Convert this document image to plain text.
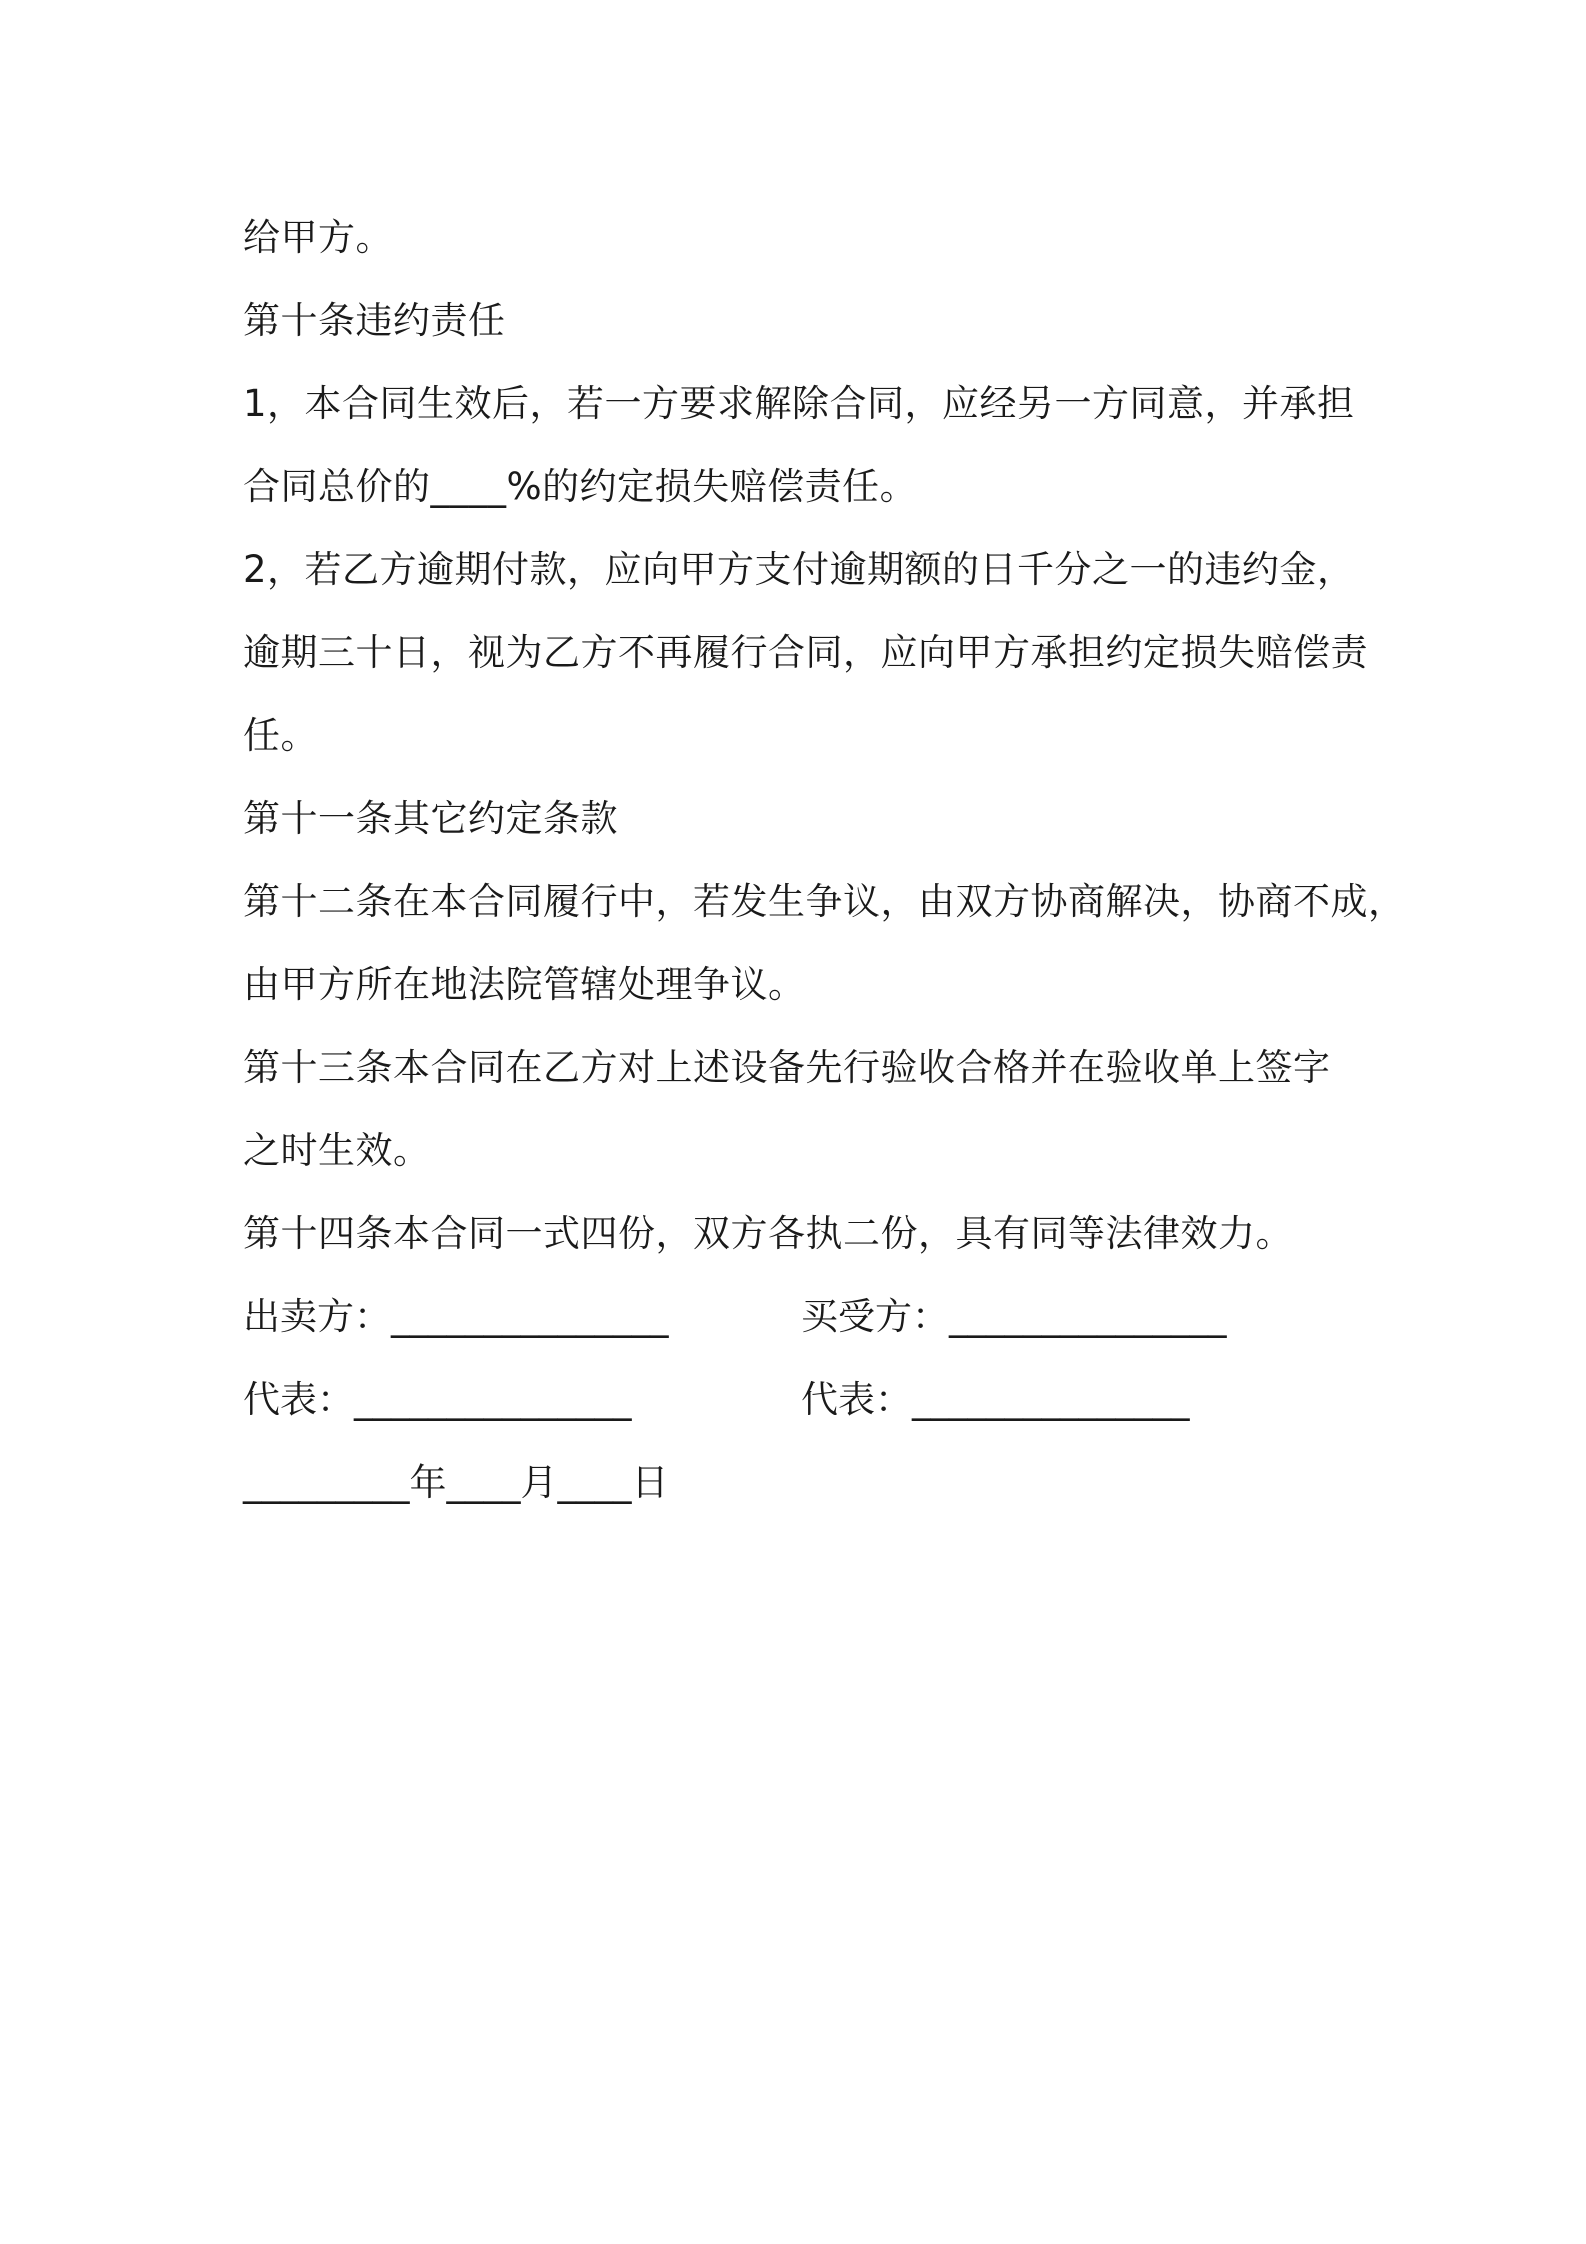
给甲方。
第十条违约责任
1，本合同生效后，若一方要求解除合同，应经另一方同意，并承担
合同总价的____%的约定损失赔偿责任。
2，若乙方逾期付款，应向甲方支付逾期额的日千分之一的违约金，
逾期三十日，视为乙方不再履行合同，应向甲方承担约定损失赔偿责
任。
第十一条其它约定条款
第十二条在本合同履行中，若发生争议，由双方协商解决，协商不成，
由甲方所在地法院管辖处理争议。
第十三条本合同在乙方对上述设备先行验收合格并在验收单上签字
之时生效。
第十四条本合同一式四份，双方各执二份，具有同等法律效力。
出卖方：_______________	买受方：_______________
代表：_______________	代表：_______________
_________年____月____日
